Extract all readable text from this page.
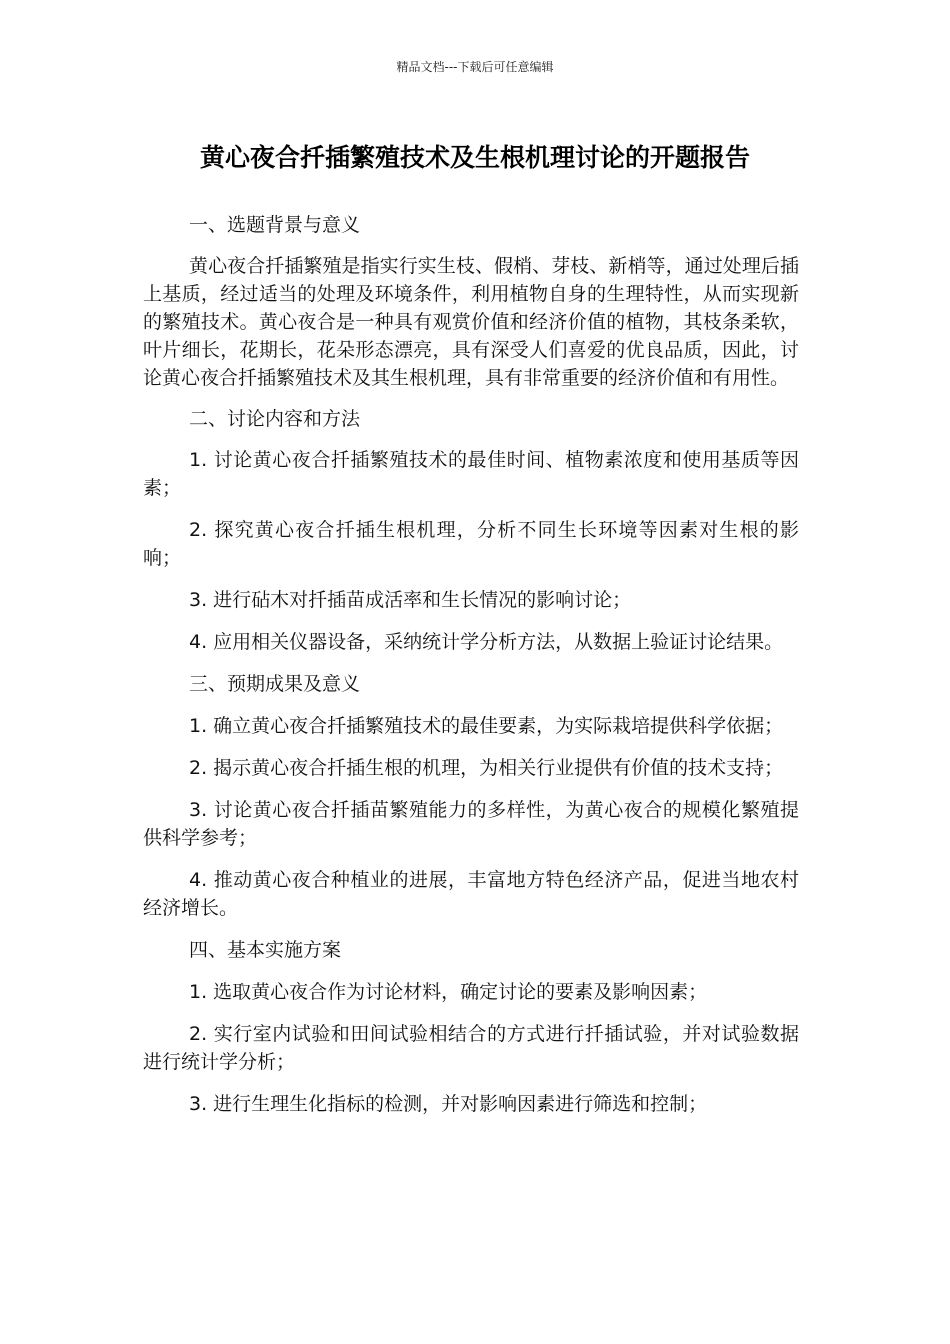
精品文档---下载后可任意编辑
黄心夜合扦插繁殖技术及生根机理讨论的开题报告

一、选题背景与意义

黄心夜合扦插繁殖是指实行实生枝、假梢、芽枝、新梢等，通过处理后插上基质，经过适当的处理及环境条件，利用植物自身的生理特性，从而实现新的繁殖技术。黄心夜合是一种具有观赏价值和经济价值的植物，其枝条柔软，叶片细长，花期长，花朵形态漂亮，具有深受人们喜爱的优良品质，因此，讨论黄心夜合扦插繁殖技术及其生根机理，具有非常重要的经济价值和有用性。

二、讨论内容和方法

1. 讨论黄心夜合扦插繁殖技术的最佳时间、植物素浓度和使用基质等因素；

2. 探究黄心夜合扦插生根机理，分析不同生长环境等因素对生根的影响；

3. 进行砧木对扦插苗成活率和生长情况的影响讨论；

4. 应用相关仪器设备，采纳统计学分析方法，从数据上验证讨论结果。

三、预期成果及意义

1. 确立黄心夜合扦插繁殖技术的最佳要素，为实际栽培提供科学依据；

2. 揭示黄心夜合扦插生根的机理，为相关行业提供有价值的技术支持；

3. 讨论黄心夜合扦插苗繁殖能力的多样性，为黄心夜合的规模化繁殖提供科学参考；

4. 推动黄心夜合种植业的进展，丰富地方特色经济产品，促进当地农村经济增长。

四、基本实施方案

1. 选取黄心夜合作为讨论材料，确定讨论的要素及影响因素；

2. 实行室内试验和田间试验相结合的方式进行扦插试验，并对试验数据进行统计学分析；

3. 进行生理生化指标的检测，并对影响因素进行筛选和控制；
